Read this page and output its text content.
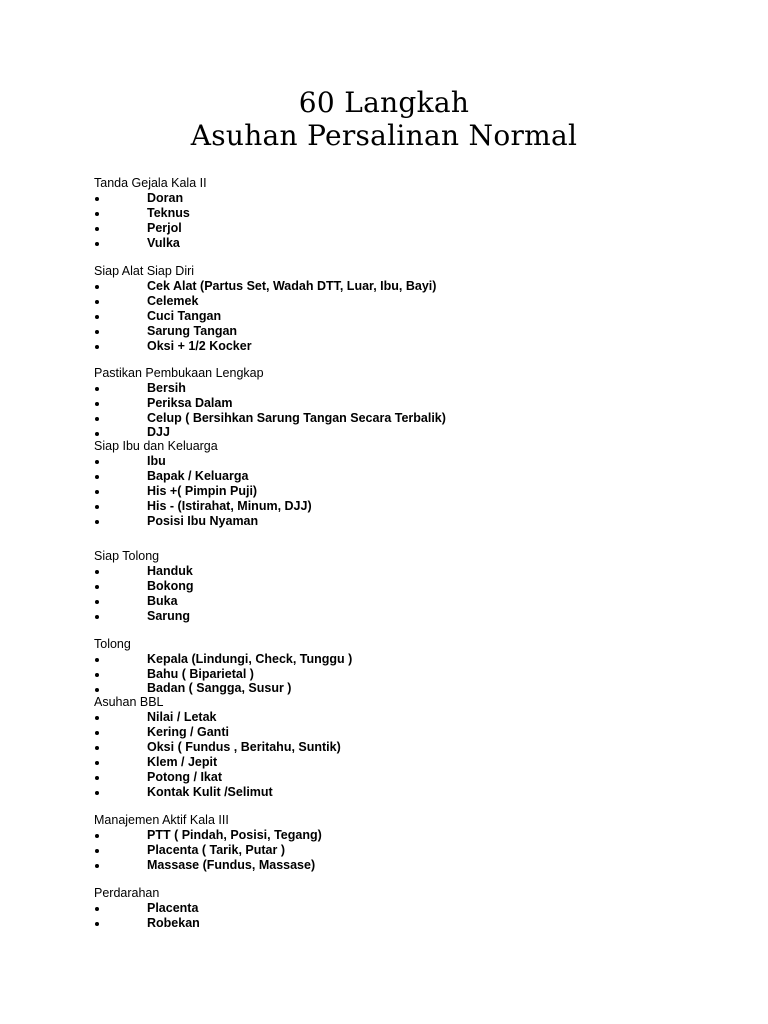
60 Langkah
Asuhan Persalinan Normal
Tanda Gejala Kala II
Doran
Teknus
Perjol
Vulka
Siap Alat Siap Diri
Cek Alat (Partus Set, Wadah DTT, Luar, Ibu, Bayi)
Celemek
Cuci Tangan
Sarung Tangan
Oksi + 1/2 Kocker
Pastikan Pembukaan Lengkap
Bersih
Periksa Dalam
Celup ( Bersihkan Sarung Tangan Secara Terbalik)
DJJ
Siap Ibu dan Keluarga
Ibu
Bapak / Keluarga
His +( Pimpin Puji)
His - (Istirahat, Minum, DJJ)
Posisi Ibu Nyaman
Siap Tolong
Handuk
Bokong
Buka
Sarung
Tolong
Kepala (Lindungi, Check, Tunggu )
Bahu ( Biparietal )
Badan ( Sangga, Susur )
Asuhan BBL
Nilai / Letak
Kering / Ganti
Oksi ( Fundus , Beritahu, Suntik)
Klem / Jepit
Potong / Ikat
Kontak Kulit /Selimut
Manajemen Aktif Kala III
PTT ( Pindah, Posisi, Tegang)
Placenta ( Tarik, Putar )
Massase (Fundus, Massase)
Perdarahan
Placenta
Robekan
